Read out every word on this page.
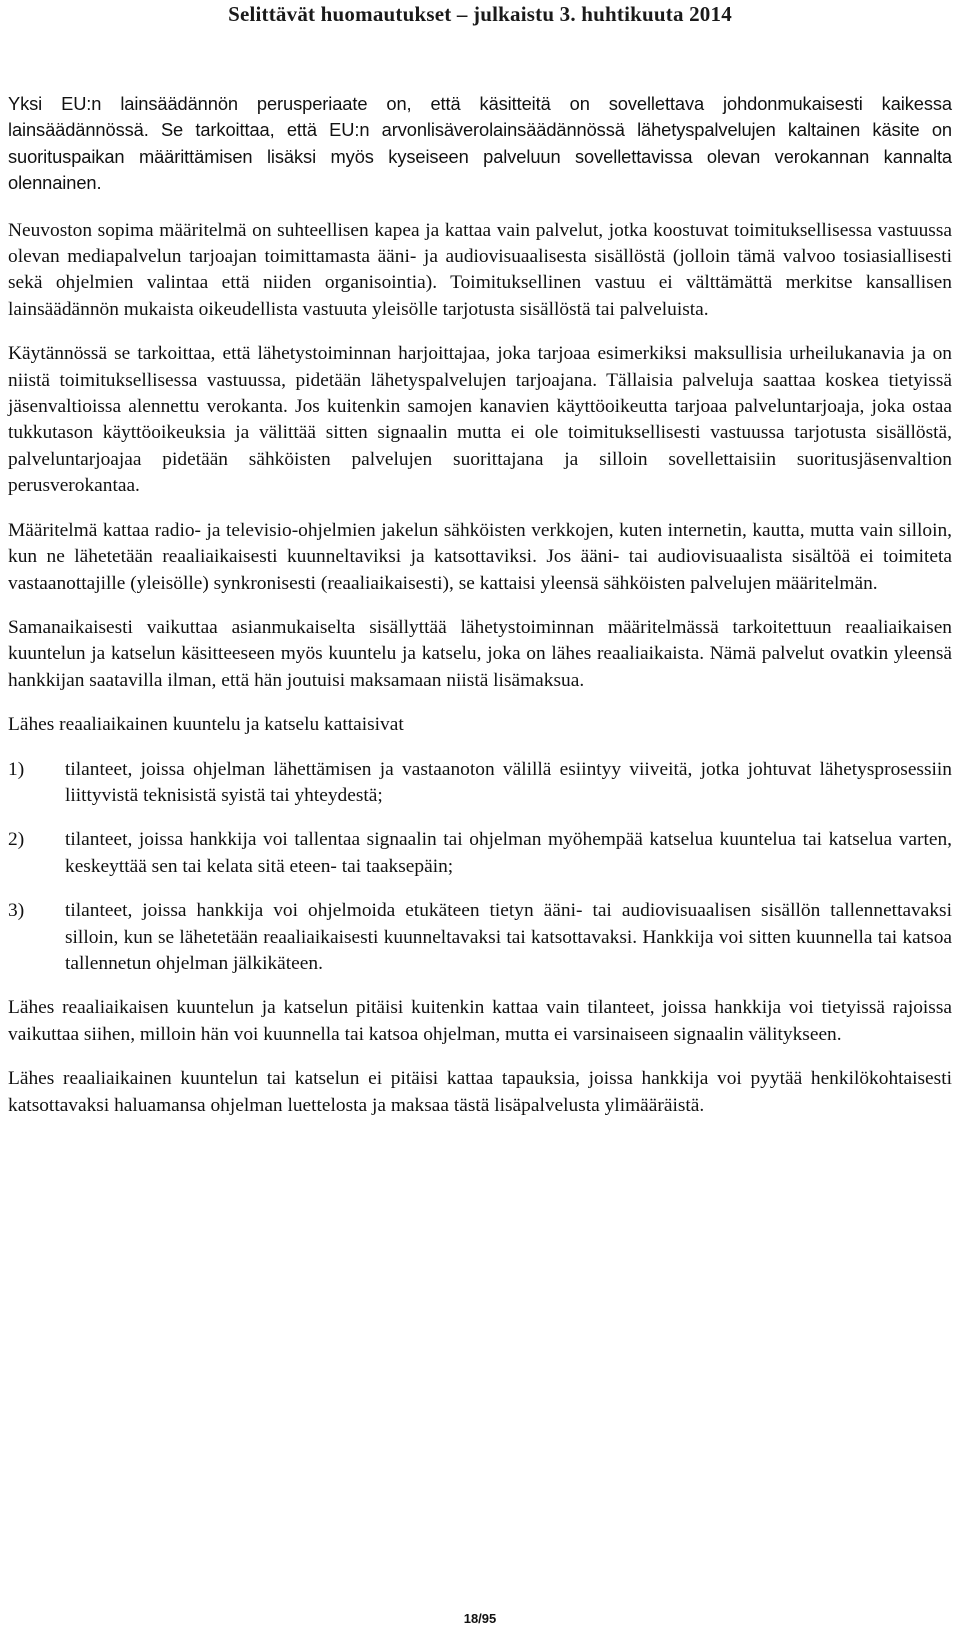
Selittävät huomautukset – julkaistu 3. huhtikuuta 2014

Yksi EU:n lainsäädännön perusperiaate on, että käsitteitä on sovellettava johdonmukaisesti kaikessa lainsäädännössä. Se tarkoittaa, että EU:n arvonlisäverolainsäädännössä lähetyspalvelujen kaltainen käsite on suorituspaikan määrittämisen lisäksi myös kyseiseen palveluun sovellettavissa olevan verokannan kannalta olennainen.

Neuvoston sopima määritelmä on suhteellisen kapea ja kattaa vain palvelut, jotka koostuvat toimituksellisessa vastuussa olevan mediapalvelun tarjoajan toimittamasta ääni- ja audiovisuaalisesta sisällöstä (jolloin tämä valvoo tosiasiallisesti sekä ohjelmien valintaa että niiden organisointia). Toimituksellinen vastuu ei välttämättä merkitse kansallisen lainsäädännön mukaista oikeudellista vastuuta yleisölle tarjotusta sisällöstä tai palveluista.

Käytännössä se tarkoittaa, että lähetystoiminnan harjoittajaa, joka tarjoaa esimerkiksi maksullisia urheilukanavia ja on niistä toimituksellisessa vastuussa, pidetään lähetyspalvelujen tarjoajana. Tällaisia palveluja saattaa koskea tietyissä jäsenvaltioissa alennettu verokanta. Jos kuitenkin samojen kanavien käyttöoikeutta tarjoaa palveluntarjoaja, joka ostaa tukkutason käyttöoikeuksia ja välittää sitten signaalin mutta ei ole toimituksellisesti vastuussa tarjotusta sisällöstä, palveluntarjoajaa pidetään sähköisten palvelujen suorittajana ja silloin sovellettaisiin suoritusjäsenvaltion perusverokantaa.

Määritelmä kattaa radio- ja televisio-ohjelmien jakelun sähköisten verkkojen, kuten internetin, kautta, mutta vain silloin, kun ne lähetetään reaaliaikaisesti kuunneltaviksi ja katsottaviksi. Jos ääni- tai audiovisuaalista sisältöä ei toimiteta vastaanottajille (yleisölle) synkronisesti (reaaliaikaisesti), se kattaisi yleensä sähköisten palvelujen määritelmän.

Samanaikaisesti vaikuttaa asianmukaiselta sisällyttää lähetystoiminnan määritelmässä tarkoitettuun reaaliaikaisen kuuntelun ja katselun käsitteeseen myös kuuntelu ja katselu, joka on lähes reaaliaikaista. Nämä palvelut ovatkin yleensä hankkijan saatavilla ilman, että hän joutuisi maksamaan niistä lisämaksua.

Lähes reaaliaikainen kuuntelu ja katselu kattaisivat

1)	tilanteet, joissa ohjelman lähettämisen ja vastaanoton välillä esiintyy viiveitä, jotka johtuvat lähetysprosessiin liittyvistä teknisistä syistä tai yhteydestä;
2)	tilanteet, joissa hankkija voi tallentaa signaalin tai ohjelman myöhempää katselua kuuntelua tai katselua varten, keskeyttää sen tai kelata sitä eteen- tai taaksepäin;
3)	tilanteet, joissa hankkija voi ohjelmoida etukäteen tietyn ääni- tai audiovisuaalisen sisällön tallennettavaksi silloin, kun se lähetetään reaaliaikaisesti kuunneltavaksi tai katsottavaksi. Hankkija voi sitten kuunnella tai katsoa tallennetun ohjelman jälkikäteen.

Lähes reaaliaikaisen kuuntelun ja katselun pitäisi kuitenkin kattaa vain tilanteet, joissa hankkija voi tietyissä rajoissa vaikuttaa siihen, milloin hän voi kuunnella tai katsoa ohjelman, mutta ei varsinaiseen signaalin välitykseen.

Lähes reaaliaikainen kuuntelun tai katselun ei pitäisi kattaa tapauksia, joissa hankkija voi pyytää henkilökohtaisesti katsottavaksi haluamansa ohjelman luettelosta ja maksaa tästä lisäpalvelusta ylimääräistä.

18/95
